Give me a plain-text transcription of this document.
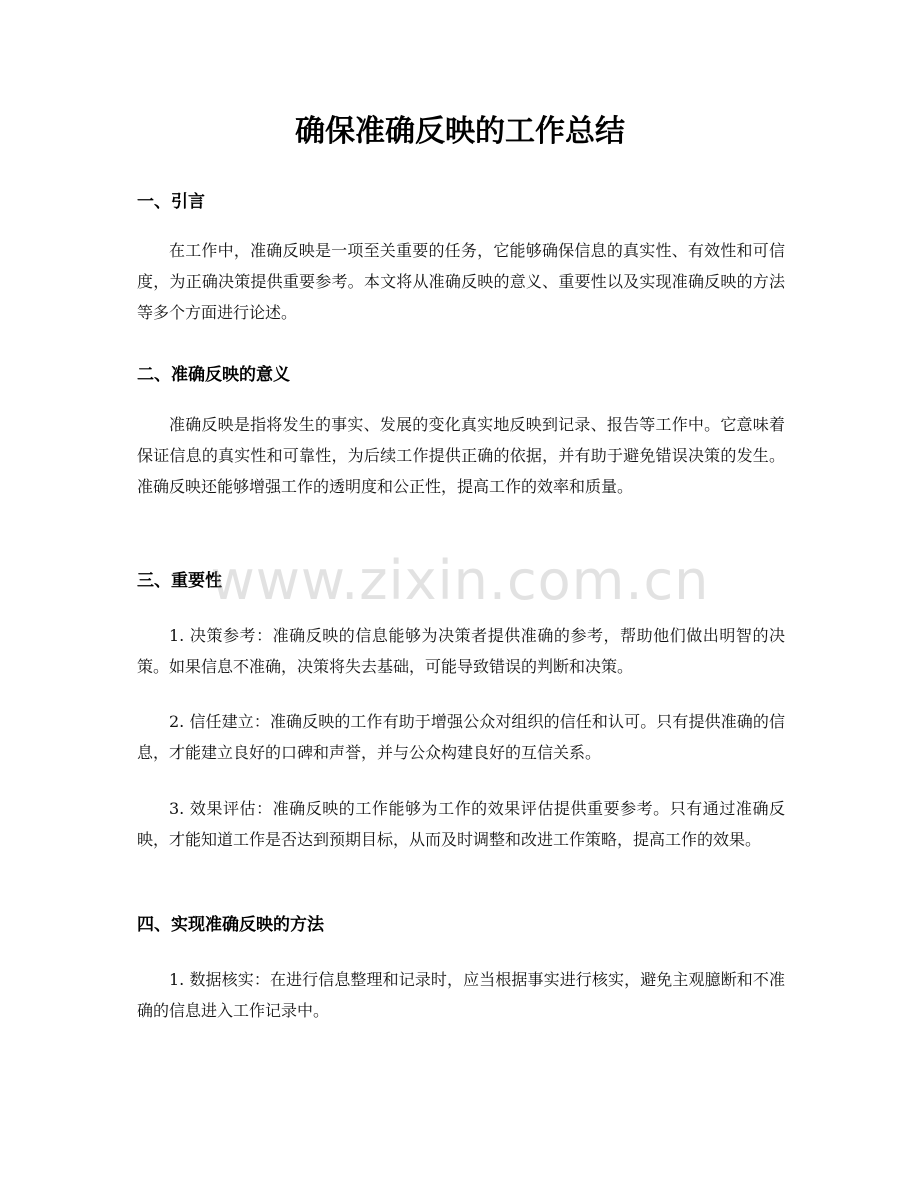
确保准确反映的工作总结
一、引言

在工作中，准确反映是一项至关重要的任务，它能够确保信息的真实性、有效性和可信度，为正确决策提供重要参考。本文将从准确反映的意义、重要性以及实现准确反映的方法等多个方面进行论述。

二、准确反映的意义

准确反映是指将发生的事实、发展的变化真实地反映到记录、报告等工作中。它意味着保证信息的真实性和可靠性，为后续工作提供正确的依据，并有助于避免错误决策的发生。准确反映还能够增强工作的透明度和公正性，提高工作的效率和质量。

三、重要性

1. 决策参考：准确反映的信息能够为决策者提供准确的参考，帮助他们做出明智的决策。如果信息不准确，决策将失去基础，可能导致错误的判断和决策。

2. 信任建立：准确反映的工作有助于增强公众对组织的信任和认可。只有提供准确的信息，才能建立良好的口碑和声誉，并与公众构建良好的互信关系。

3. 效果评估：准确反映的工作能够为工作的效果评估提供重要参考。只有通过准确反映，才能知道工作是否达到预期目标，从而及时调整和改进工作策略，提高工作的效果。

四、实现准确反映的方法

1. 数据核实：在进行信息整理和记录时，应当根据事实进行核实，避免主观臆断和不准确的信息进入工作记录中。

www.zixin.com.cn
